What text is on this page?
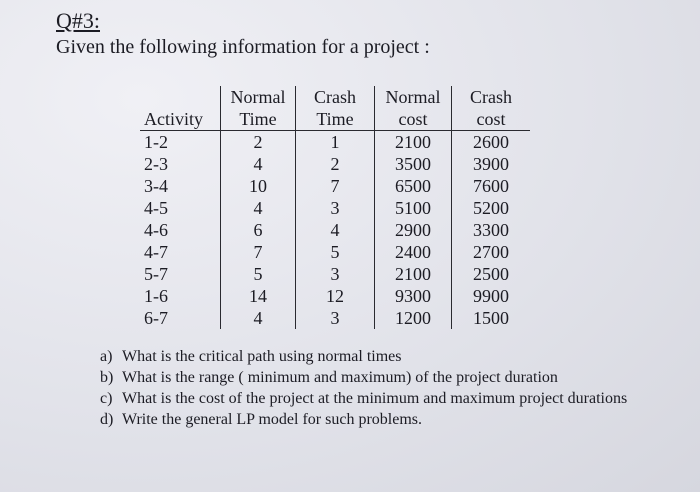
Q#3:
Given the following information for a project :
	Normal	Crash	Normal	Crash
Activity	Time	Time	cost	cost
1-2	2	1	2100	2600
2-3	4	2	3500	3900
3-4	10	7	6500	7600
4-5	4	3	5100	5200
4-6	6	4	2900	3300
4-7	7	5	2400	2700
5-7	5	3	2100	2500
1-6	14	12	9300	9900
6-7	4	3	1200	1500
a) What is the critical path using normal times
b) What is the range ( minimum and maximum) of the project duration
c) What is the cost of the project at the minimum and maximum project durations
d) Write the general LP model for such problems.
